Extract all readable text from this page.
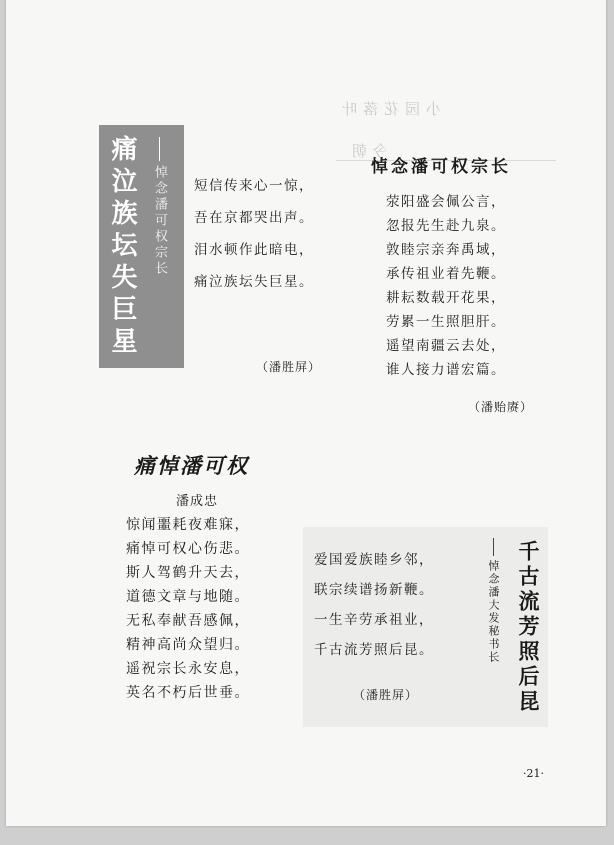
小园花落叶
今朝
痛泣族坛失巨星 悼念潘可权宗长 短信传来心一惊，
吾在京都哭出声。
泪水顿作此暗电，
痛泣族坛失巨星。
（潘胜屏）
悼念潘可权宗长
荥阳盛会佩公言，
忽报先生赴九泉。
敦睦宗亲奔禹域，
承传祖业着先鞭。
耕耘数载开花果，
劳累一生照胆肝。
遥望南疆云去处，
谁人接力谱宏篇。
（潘贻赓）
痛悼潘可权
潘成忠
惊闻噩耗夜难寐，
痛悼可权心伤悲。
斯人驾鹤升天去，
道德文章与地随。
无私奉献吾感佩，
精神高尚众望归。
遥祝宗长永安息，
英名不朽后世垂。
爱国爱族睦乡邻，
联宗续谱扬新鞭。
一生辛劳承祖业，
千古流芳照后昆。
（潘胜屏）
悼念潘大发秘书长 千古流芳照后昆
·21·
